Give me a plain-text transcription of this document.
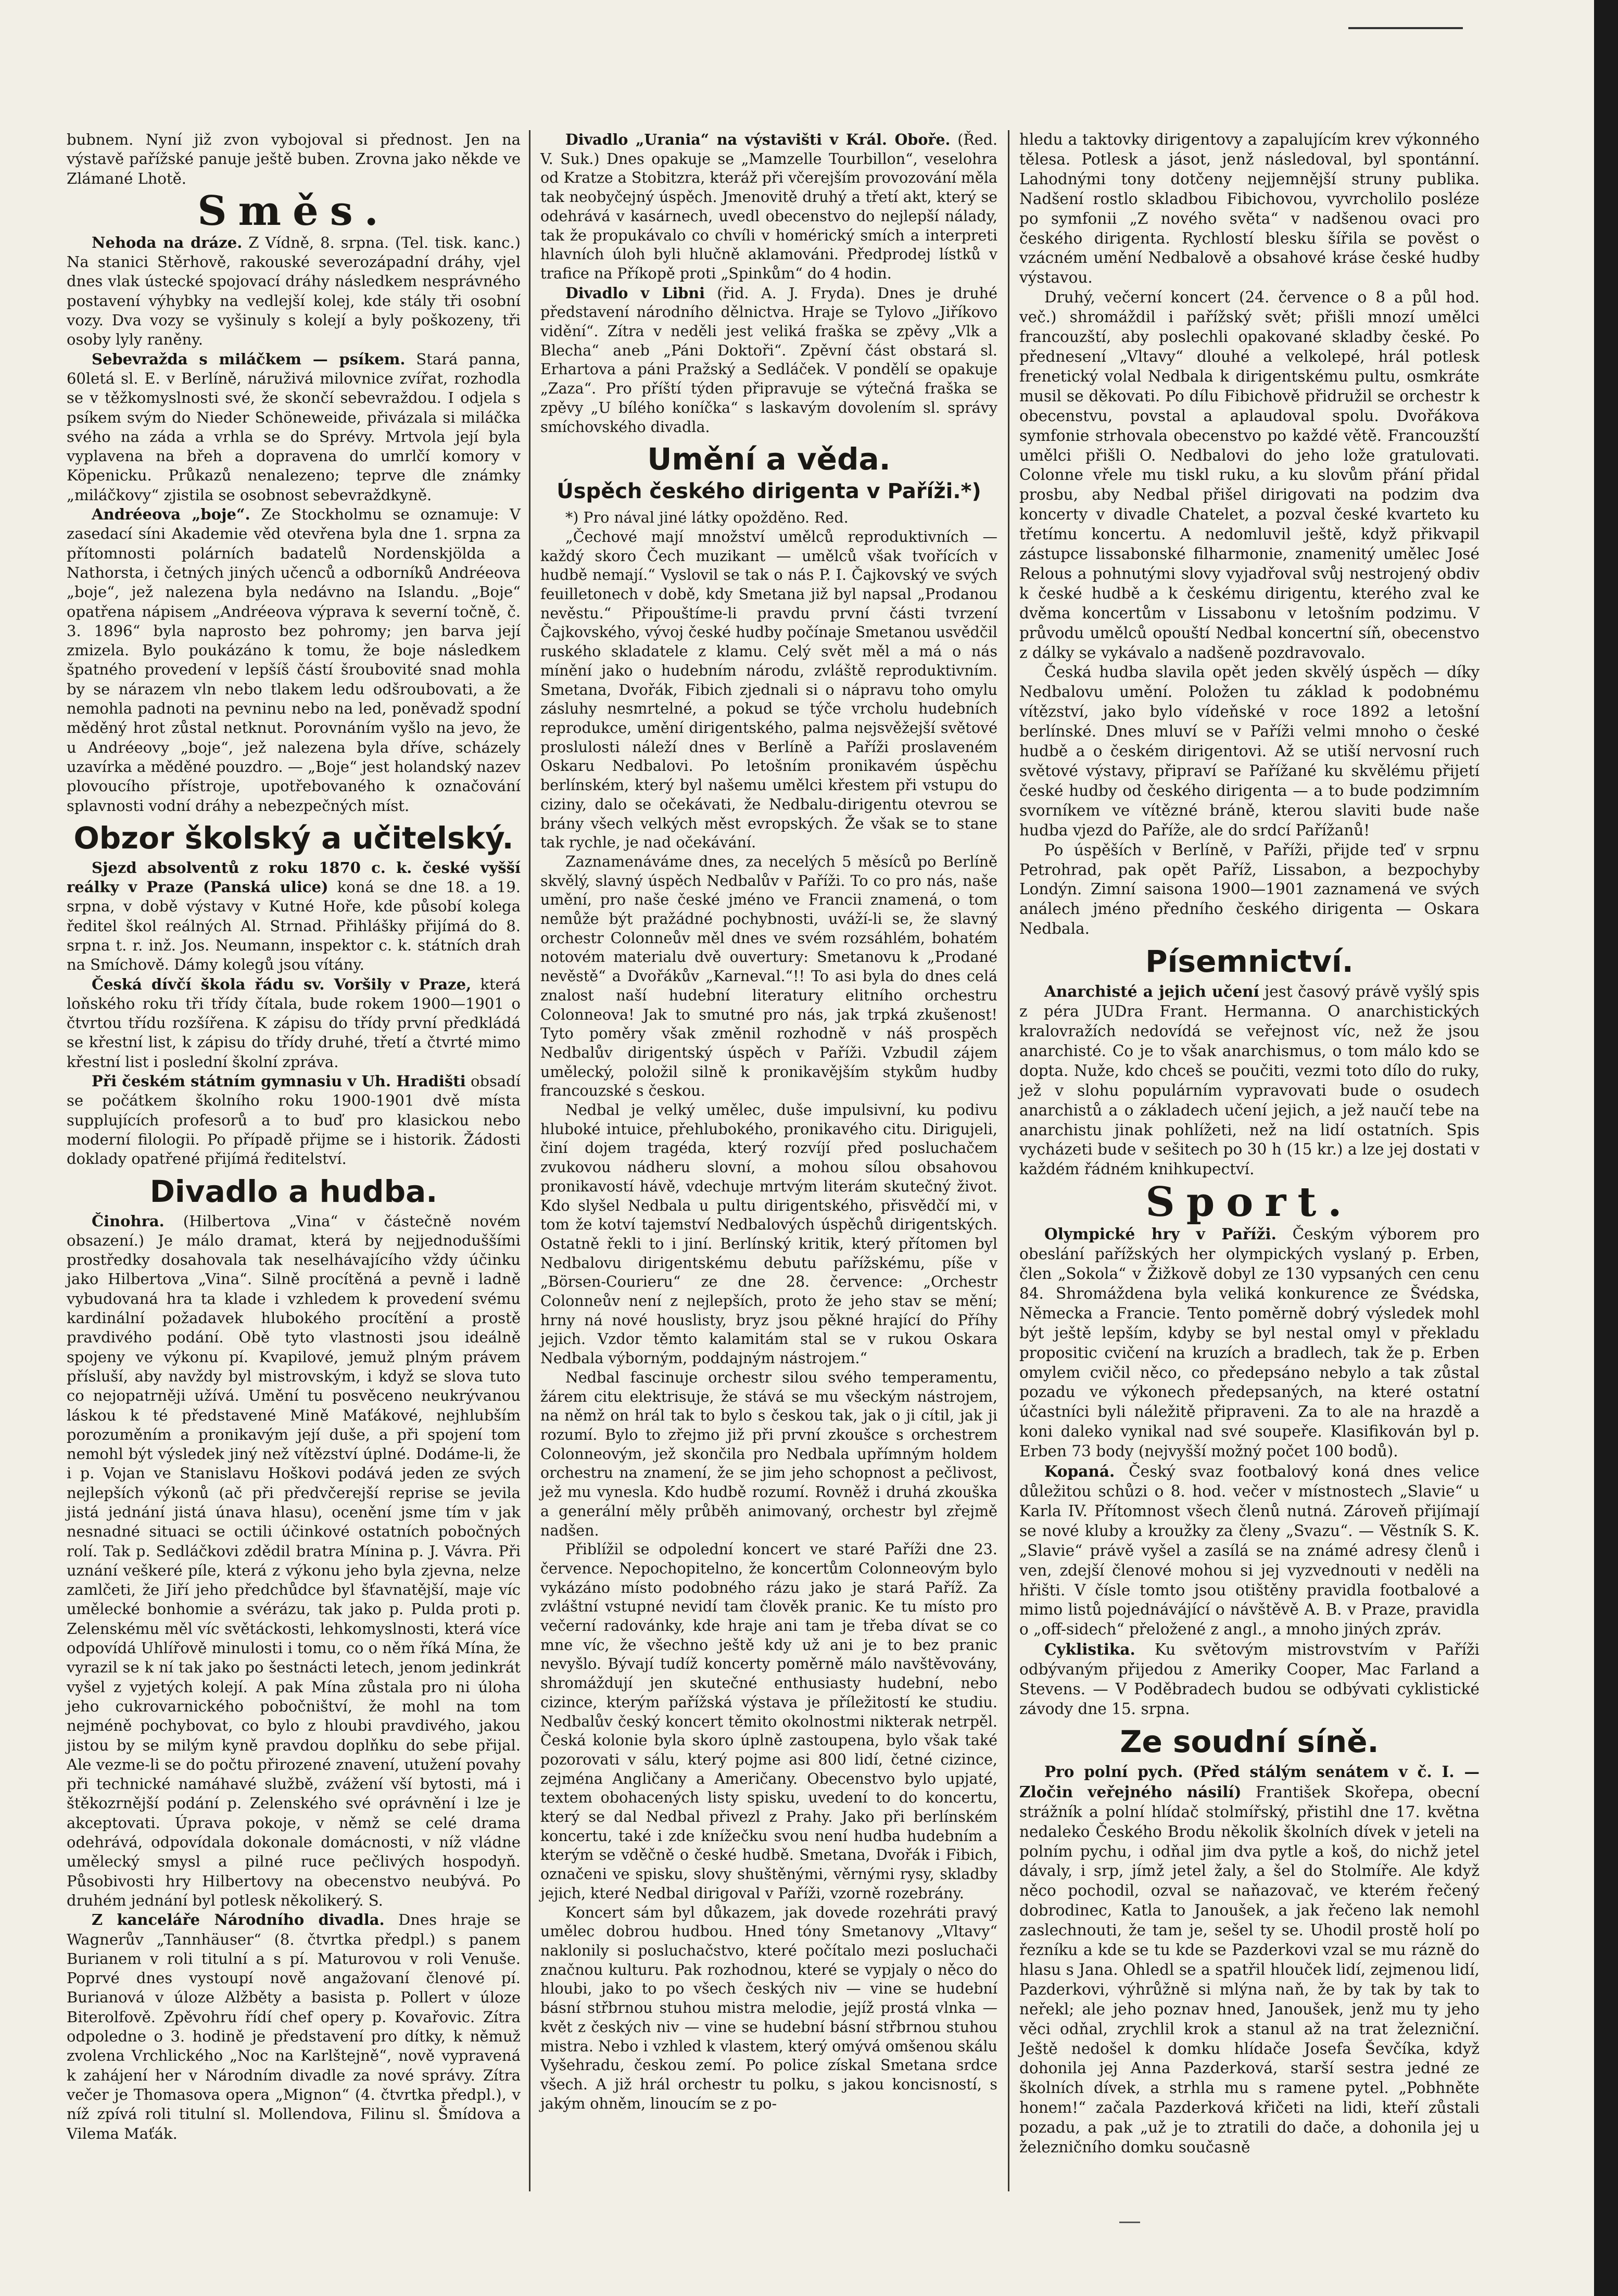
bubnem. Nyní již zvon vybojoval si přednost. Jen na výstavě pařížské panuje ještě buben. Zrovna jako někde ve Zlámané Lhotě.

Směs.

Nehoda na dráze. Z Vídně, 8. srpna. (Tel. tisk. kanc.) Na stanici Stěrhově, rakouské severozápadní dráhy, vjel dnes vlak ústecké spojovací dráhy následkem nesprávného postavení výhybky na vedlejší kolej, kde stály tři osobní vozy. Dva vozy se vyšinuly s kolejí a byly poškozeny, tři osoby lyly raněny.

Sebevražda s miláčkem — psíkem. Stará panna, 60letá sl. E. v Berlíně, náruživá milovnice zvířat, rozhodla se v těžkomyslnosti své, že skončí sebevraždou. I odjela s psíkem svým do Nieder Schöneweide, přivázala si miláčka svého na záda a vrhla se do Sprévy. Mrtvola její byla vyplavena na břeh a dopravena do umrlčí komory v Köpenicku. Průkazů nenalezeno; teprve dle známky „miláčkovy“ zjistila se osobnost sebevraždkyně.

Andréeova „boje“. Ze Stockholmu se oznamuje: V zasedací síni Akademie věd otevřena byla dne 1. srpna za přítomnosti polárních badatelů Nordenskjölda a Nathorsta, i četných jiných učenců a odborníků Andréeova „boje“, jež nalezena byla nedávno na Islandu. „Boje“ opatřena nápisem „Andréeova výprava k severní točně, č. 3. 1896“ byla naprosto bez pohromy; jen barva její zmizela. Bylo poukázáno k tomu, že boje následkem špatného provedení v lepšíš částí šroubovité snad mohla by se nárazem vln nebo tlakem ledu odšroubovati, a že nemohla padnoti na pevninu nebo na led, poněvadž spodní měděný hrot zůstal netknut. Porovnáním vyšlo na jevo, že u Andréeovy „boje“, jež nalezena byla dříve, scházely uzavírka a měděné pouzdro. — „Boje“ jest holandský nazev plovoucího přístroje, upotřebovaného k označování splavnosti vodní dráhy a nebezpečných míst.

Obzor školský a učitelský.

Sjezd absolventů z roku 1870 c. k. české vyšší reálky v Praze (Panská ulice) koná se dne 18. a 19. srpna, v době výstavy v Kutné Hoře, kde působí kolega ředitel škol reálných Al. Strnad. Přihlášky přijímá do 8. srpna t. r. inž. Jos. Neumann, inspektor c. k. státních drah na Smíchově. Dámy kolegů jsou vítány.

Česká dívčí škola řádu sv. Voršily v Praze, která loňského roku tři třídy čítala, bude rokem 1900—1901 o čtvrtou třídu rozšířena. K zápisu do třídy první předkládá se křestní list, k zápisu do třídy druhé, třetí a čtvrté mimo křestní list i poslední školní zpráva.

Při českém státním gymnasiu v Uh. Hradišti obsadí se počátkem školního roku 1900-1901 dvě místa supplujících profesorů a to buď pro klasickou nebo moderní filologii. Po případě přijme se i historik. Žádosti doklady opatřené přijímá ředitelství.

Divadlo a hudba.

Činohra. (Hilbertova „Vina“ v částečně novém obsazení.) Je málo dramat, která by nejjednoduššími prostředky dosahovala tak neselhávajícího vždy účinku jako Hilbertova „Vina“. Silně procítěná a pevně i ladně vybudovaná hra ta klade i vzhledem k provedení svému kardinální požadavek hlubokého procítění a prostě pravdivého podání. Obě tyto vlastnosti jsou ideálně spojeny ve výkonu pí. Kvapilové, jemuž plným právem přísluší, aby navždy byl mistrovským, i když se slova tuto co nejopatrněji užívá. Umění tu posvěceno neukrývanou láskou k té představené Mině Maťákové, nejhlubším porozuměním a pronikavým její duše, a při spojení tom nemohl být výsledek jiný než vítězství úplné. Dodáme-li, že i p. Vojan ve Stanislavu Hoškovi podává jeden ze svých nejlepších výkonů (ač při předvčerejší reprise se jevila jistá jednání jistá únava hlasu), ocenění jsme tím v jak nesnadné situaci se octili účinkové ostatních pobočných rolí. Tak p. Sedláčkovi zdědil bratra Mínina p. J. Vávra. Při uznání veškeré píle, která z výkonu jeho byla zjevna, nelze zamlčeti, že Jiří jeho předchůdce byl šťavnatější, maje víc umělecké bonhomie a svérázu, tak jako p. Pulda proti p. Zelenskému měl víc světáckosti, lehkomyslnosti, která více odpovídá Uhlířově minulosti i tomu, co o něm říká Mína, že vyrazil se k ní tak jako po šestnácti letech, jenom jedinkrát vyšel z vyjetých kolejí. A pak Mína zůstala pro ni úloha jeho cukrovarnického pobočništví, že mohl na tom nejméně pochybovat, co bylo z hloubi pravdivého, jakou jistou by se milým kyně pravdou doplňku do sebe přijal. Ale vezme-li se do počtu přirozené znavení, utužení povahy při technické namáhavé službě, zvážení vší bytosti, má i štěkozrnější podání p. Zelenského své oprávnění i lze je akceptovati. Úprava pokoje, v němž se celé drama odehrává, odpovídala dokonale domácnosti, v níž vládne umělecký smysl a pilné ruce pečlivých hospodyň. Působivosti hry Hilbertovy na obecenstvo neubývá. Po druhém jednání byl potlesk několikerý. S.

Z kanceláře Národního divadla. Dnes hraje se Wagnerův „Tannhäuser“ (8. čtvrtka předpl.) s panem Burianem v roli titulní a s pí. Maturovou v roli Venuše. Poprvé dnes vystoupí nově angažovaní členové pí. Burianová v úloze Alžběty a basista p. Pollert v úloze Biterolfově. Zpěvohru řídí chef opery p. Kovařovic. Zítra odpoledne o 3. hodině je představení pro dítky, k němuž zvolena Vrchlického „Noc na Karlštejně“, nově vypravená k zahájení her v Národním divadle za nové správy. Zítra večer je Thomasova opera „Mignon“ (4. čtvrtka předpl.), v níž zpívá roli titulní sl. Mollendova, Filinu sl. Šmídova a Vilema Maťák.

Divadlo „Urania“ na výstavišti v Král. Oboře. (Řed. V. Suk.) Dnes opakuje se „Mamzelle Tourbillon“, veselohra od Kratze a Stobitzra, kteráž při včerejším provozování měla tak neobyčejný úspěch. Jmenovitě druhý a třetí akt, který se odehrává v kasárnech, uvedl obecenstvo do nejlepší nálady, tak že propukávalo co chvíli v homérický smích a interpreti hlavních úloh byli hlučně aklamováni. Předprodej lístků v trafice na Příkopě proti „Spinkům“ do 4 hodin.

Divadlo v Libni (řid. A. J. Fryda). Dnes je druhé představení národního dělnictva. Hraje se Tylovo „Jiříkovo vidění“. Zítra v neděli jest veliká fraška se zpěvy „Vlk a Blecha“ aneb „Páni Doktoři“. Zpěvní část obstará sl. Erhartova a páni Pražský a Sedláček. V pondělí se opakuje „Zaza“. Pro příští týden připravuje se výtečná fraška se zpěvy „U bílého koníčka“ s laskavým dovolením sl. správy smíchovského divadla.

Umění a věda.
Úspěch českého dirigenta v Paříži.*)

*) Pro nával jiné látky opožděno. Red.

„Čechové mají množství umělců reproduktivních — každý skoro Čech muzikant — umělců však tvořících v hudbě nemají.“ Vyslovil se tak o nás P. I. Čajkovský ve svých feuilletonech v době, kdy Smetana již byl napsal „Prodanou nevěstu.“ Připouštíme-li pravdu první části tvrzení Čajkovského, vývoj české hudby počínaje Smetanou usvědčil ruského skladatele z klamu. Celý svět měl a má o nás mínění jako o hudebním národu, zvláště reproduktivním. Smetana, Dvořák, Fibich zjednali si o nápravu toho omylu zásluhy nesmrtelné, a pokud se týče vrcholu hudebních reprodukce, umění dirigentského, palma nejsvěžejší světové proslulosti náleží dnes v Berlíně a Paříži proslaveném Oskaru Nedbalovi. Po letošním pronikavém úspěchu berlínském, který byl našemu umělci křestem při vstupu do ciziny, dalo se očekávati, že Nedbalu-dirigentu otevrou se brány všech velkých měst evropských. Že však se to stane tak rychle, je nad očekávání.

Zaznamenáváme dnes, za necelých 5 měsíců po Berlíně skvělý, slavný úspěch Nedbalův v Paříži. To co pro nás, naše umění, pro naše české jméno ve Francii znamená, o tom nemůže být pražádné pochybnosti, uváží-li se, že slavný orchestr Colonneův měl dnes ve svém rozsáhlém, bohatém notovém materialu dvě ouvertury: Smetanovu k „Prodané nevěstě“ a Dvořákův „Karneval.“!! To asi byla do dnes celá znalost naší hudební literatury elitního orchestru Colonneova! Jak to smutné pro nás, jak trpká zkušenost! Tyto poměry však změnil rozhodně v náš prospěch Nedbalův dirigentský úspěch v Paříži. Vzbudil zájem umělecký, položil silně k pronikavějším stykům hudby francouzské s českou.

Nedbal je velký umělec, duše impulsivní, ku podivu hluboké intuice, přehlubokého, pronikavého citu. Dirigujeli, činí dojem tragéda, který rozvíjí před posluchačem zvukovou nádheru slovní, a mohou sílou obsahovou pronikavostí hávě, vdechuje mrtvým literám skutečný život. Kdo slyšel Nedbala u pultu dirigentského, přisvědčí mi, v tom že kotví tajemství Nedbalových úspěchů dirigentských. Ostatně řekli to i jiní. Berlínský kritik, který přítomen byl Nedbalovu dirigentskému debutu pařížskému, píše v „Börsen-Courieru“ ze dne 28. července: „Orchestr Colonneův není z nejlepších, proto že jeho stav se mění; hrny ná nové houslisty, bryz jsou pěkné hrající do Příhy jejich. Vzdor těmto kalamitám stal se v rukou Oskara Nedbala výborným, poddajným nástrojem.“

Nedbal fascinuje orchestr silou svého temperamentu, žárem citu elektrisuje, že stává se mu všeckým nástrojem, na němž on hrál tak to bylo s českou tak, jak o ji cítil, jak ji rozumí. Bylo to zřejmo již při první zkoušce s orchestrem Colonneovým, jež skončila pro Nedbala upřímným holdem orchestru na znamení, že se jim jeho schopnost a pečlivost, jež mu vynesla. Kdo hudbě rozumí. Rovněž i druhá zkouška a generální měly průběh animovaný, orchestr byl zřejmě nadšen.

Přiblížil se odpolední koncert ve staré Paříži dne 23. července. Nepochopitelno, že koncertům Colonneovým bylo vykázáno místo podobného rázu jako je stará Paříž. Za zvláštní vstupné nevidí tam člověk pranic. Ke tu místo pro večerní radovánky, kde hraje ani tam je třeba dívat se co mne víc, že všechno ještě kdy už ani je to bez pranic nevyšlo. Bývají tudíž koncerty poměrně málo navštěvovány, shromáždují jen skutečné enthusiasty hudební, nebo cizince, kterým pařížská výstava je příležitostí ke studiu. Nedbalův český koncert těmito okolnostmi nikterak netrpěl. Česká kolonie byla skoro úplně zastoupena, bylo však také pozorovati v sálu, který pojme asi 800 lidí, četné cizince, zejména Angličany a Američany. Obecenstvo bylo upjaté, textem obohacených listy spisku, uvedení to do koncertu, který se dal Nedbal přivezl z Prahy. Jako při berlínském koncertu, také i zde knížečku svou není hudba hudebním a kterým se vděčně o české hudbě. Smetana, Dvořák i Fibich, označeni ve spisku, slovy shuštěnými, věrnými rysy, skladby jejich, které Nedbal dirigoval v Paříži, vzorně rozebrány.

Koncert sám byl důkazem, jak dovede rozehráti pravý umělec dobrou hudbou. Hned tóny Smetanovy „Vltavy“ naklonily si posluchačstvo, které počítalo mezi posluchači značnou kulturu. Pak rozhodnou, které se vypjaly o něco do hloubi, jako to po všech českých niv — vine se hudební básní střbrnou stuhou mistra melodie, jejíž prostá vlnka — květ z českých niv — vine se hudební básní střbrnou stuhou mistra. Nebo i vzhled k vlastem, který omývá omšenou skálu Vyšehradu, českou zemí. Po police získal Smetana srdce všech. A již hrál orchestr tu polku, s jakou koncisností, s jakým ohněm, linoucím se z po-

hledu a taktovky dirigentovy a zapalujícím krev výkonného tělesa. Potlesk a jásot, jenž následoval, byl spontánní. Lahodnými tony dotčeny nejjemnější struny publika. Nadšení rostlo skladbou Fibichovou, vyvrcholilo posléze po symfonii „Z nového světa“ v nadšenou ovaci pro českého dirigenta. Rychlostí blesku šířila se pověst o vzácném umění Nedbalově a obsahové kráse české hudby výstavou.

Druhý, večerní koncert (24. července o 8 a půl hod. več.) shromáždil i pařížský svět; přišli mnozí umělci francouzští, aby poslechli opakované skladby české. Po přednesení „Vltavy“ dlouhé a velkolepé, hrál potlesk frenetický volal Nedbala k dirigentskému pultu, osmkráte musil se děkovati. Po dílu Fibichově přidružil se orchestr k obecenstvu, povstal a aplaudoval spolu. Dvořákova symfonie strhovala obecenstvo po každé větě. Francouzští umělci přišli O. Nedbalovi do jeho lože gratulovati. Colonne vřele mu tiskl ruku, a ku slovům přání přidal prosbu, aby Nedbal přišel dirigovati na podzim dva koncerty v divadle Chatelet, a pozval české kvarteto ku třetímu koncertu. A nedomluvil ještě, když přikvapil zástupce lissabonské filharmonie, znamenitý umělec José Relous a pohnutými slovy vyjadřoval svůj nestrojený obdiv k české hudbě a k českému dirigentu, kterého zval ke dvěma koncertům v Lissabonu v letošním podzimu. V průvodu umělců opouští Nedbal koncertní síň, obecenstvo z dálky se vykávalo a nadšeně pozdravovalo.

Česká hudba slavila opět jeden skvělý úspěch — díky Nedbalovu umění. Položen tu základ k podobnému vítězství, jako bylo vídeňské v roce 1892 a letošní berlínské. Dnes mluví se v Paříži velmi mnoho o české hudbě a o českém dirigentovi. Až se utiší nervosní ruch světové výstavy, připraví se Pařížané ku skvělému přijetí české hudby od českého dirigenta — a to bude podzimním svorníkem ve vítězné bráně, kterou slaviti bude naše hudba vjezd do Paříže, ale do srdcí Pařížanů!

Po úspěších v Berlíně, v Paříži, přijde teď v srpnu Petrohrad, pak opět Paříž, Lissabon, a bezpochyby Londýn. Zimní saisona 1900—1901 zaznamená ve svých análech jméno předního českého dirigenta — Oskara Nedbala.

Písemnictví.

Anarchisté a jejich učení jest časový právě vyšlý spis z péra JUDra Frant. Hermanna. O anarchistických kralovražích nedovídá se veřejnost víc, než že jsou anarchisté. Co je to však anarchismus, o tom málo kdo se dopta. Nuže, kdo chceš se poučiti, vezmi toto dílo do ruky, jež v slohu populárním vypravovati bude o osudech anarchistů a o základech učení jejich, a jež naučí tebe na anarchistu jinak pohlížeti, než na lidí ostatních. Spis vycházeti bude v sešitech po 30 h (15 kr.) a lze jej dostati v každém řádném knihkupectví.

Sport.

Olympické hry v Paříži. Českým výborem pro obeslání pařížských her olympických vyslaný p. Erben, člen „Sokola“ v Žižkově dobyl ze 130 vypsaných cen cenu 84. Shromáždena byla veliká konkurence ze Švédska, Německa a Francie. Tento poměrně dobrý výsledek mohl být ještě lepším, kdyby se byl nestal omyl v překladu propositic cvičení na kruzích a bradlech, tak že p. Erben omylem cvičil něco, co předepsáno nebylo a tak zůstal pozadu ve výkonech předepsaných, na které ostatní účastníci byli náležitě připraveni. Za to ale na hrazdě a koni daleko vynikal nad své soupeře. Klasifikován byl p. Erben 73 body (nejvyšší možný počet 100 bodů).

Kopaná. Český svaz footbalový koná dnes velice důležitou schůzi o 8. hod. večer v místnostech „Slavie“ u Karla IV. Přítomnost všech členů nutná. Zároveň přijímají se nové kluby a kroužky za členy „Svazu“. — Věstník S. K. „Slavie“ právě vyšel a zasílá se na známé adresy členů i ven, zdejší členové mohou si jej vyzvednouti v neděli na hřišti. V čísle tomto jsou otištěny pravidla footbalové a mimo listů pojednávájící o návštěvě A. B. v Praze, pravidla o „off-sidech“ přeložené z angl., a mnoho jiných zpráv.

Cyklistika. Ku světovým mistrovstvím v Paříži odbývaným přijedou z Ameriky Cooper, Mac Farland a Stevens. — V Poděbradech budou se odbývati cyklistické závody dne 15. srpna.

Ze soudní síně.

Pro polní pych. (Před stálým senátem v č. I. — Zločin veřejného násilí) František Skořepa, obecní strážník a polní hlídač stolmířský, přistihl dne 17. května nedaleko Českého Brodu několik školních dívek v jeteli na polním pychu, i odňal jim dva pytle a koš, do nichž jetel dávaly, i srp, jímž jetel žaly, a šel do Stolmíře. Ale když něco pochodil, ozval se naňazovač, ve kterém řečený dobrodinec, Katla to Janoušek, a jak řečeno lak nemohl zaslechnouti, že tam je, sešel ty se. Uhodil prostě holí po řezníku a kde se tu kde se Pazderkovi vzal se mu rázně do hlasu s Jana. Ohledl se a spatřil hlouček lidí, zejmenou lidí, Pazderkovi, výhrůžně si mlýna naň, že by tak by tak to neřekl; ale jeho poznav hned, Janoušek, jenž mu ty jeho věci odňal, zrychlil krok a stanul až na trat železniční. Ještě nedošel k domku hlídače Josefa Ševčíka, když dohonila jej Anna Pazderková, starší sestra jedné ze školních dívek, a strhla mu s ramene pytel. „Pobhněte honem!“ začala Pazderková křičeti na lidi, kteří zůstali pozadu, a pak „už je to ztratili do dače, a dohonila jej u železničního domku současně
